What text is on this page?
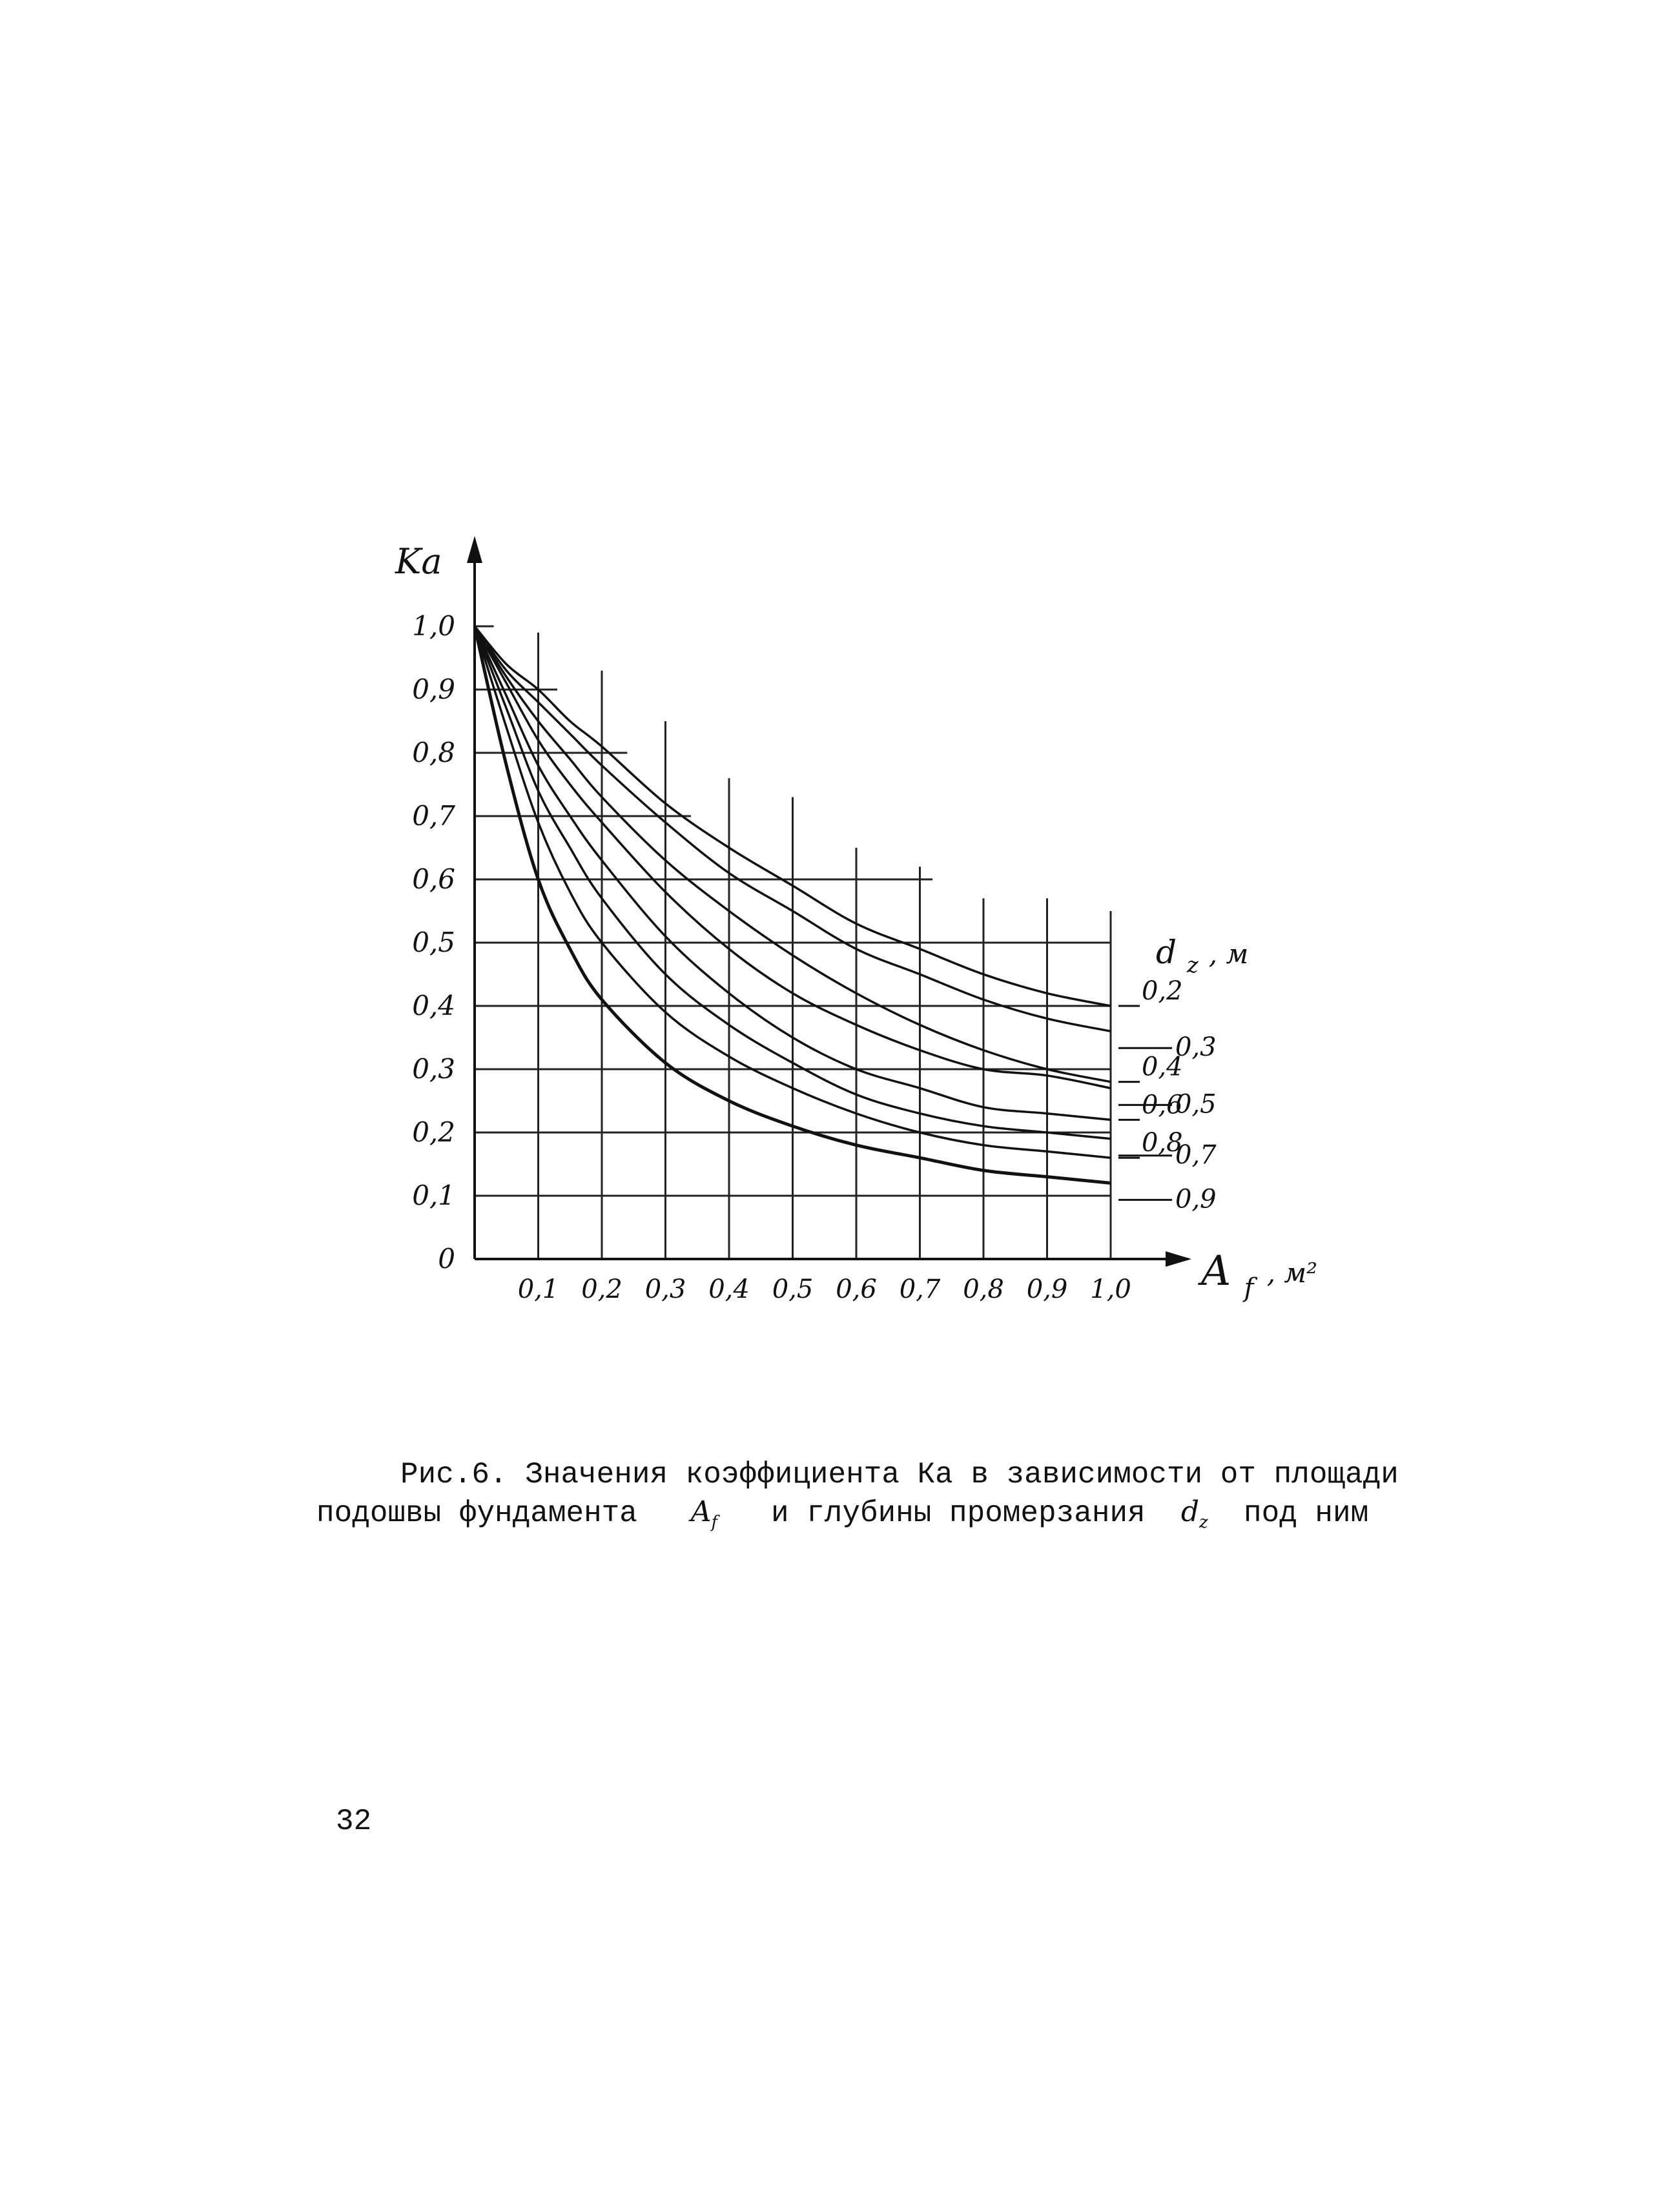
0,1 0,2 0,3 0,4 0,5 0,6 0,7 0,8 0,9 1,0
0
0,1
0,2
0,3
0,4
0,5
0,6
0,7
0,8
0,9
1,0
0,2
0,3
0,4
0,5
0,6
0,7
0,8
0,9
Ka
A $_f$ $^{, м^2}$
d $_z$ $^{, м}$
Рис.6. Значения коэффициента Ка в зависимости от площади
подошвы фундамента $A_f$ и глубины промерзания $d_z$ под ним
32
